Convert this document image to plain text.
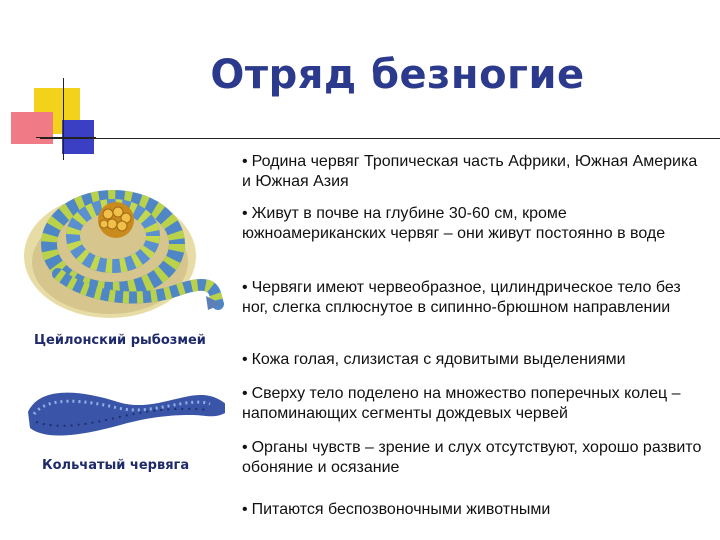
Отряд безногие
Цейлонский рыбозмей
Кольчатый червяга
• Родина червяг Тропическая часть Африки, Южная Америка и Южная Азия
• Живут в почве на глубине 30-60 см, кроме южноамериканских червяг – они живут постоянно в воде
• Червяги имеют червеобразное, цилиндрическое тело без ног, слегка сплюснутое в сипинно-брюшном направлении
• Кожа голая, слизистая с ядовитыми выделениями
• Сверху тело поделено на множество поперечных колец – напоминающих сегменты дождевых червей
• Органы чувств – зрение и слух отсутствуют, хорошо развито обоняние и осязание
• Питаются беспозвоночными животными
